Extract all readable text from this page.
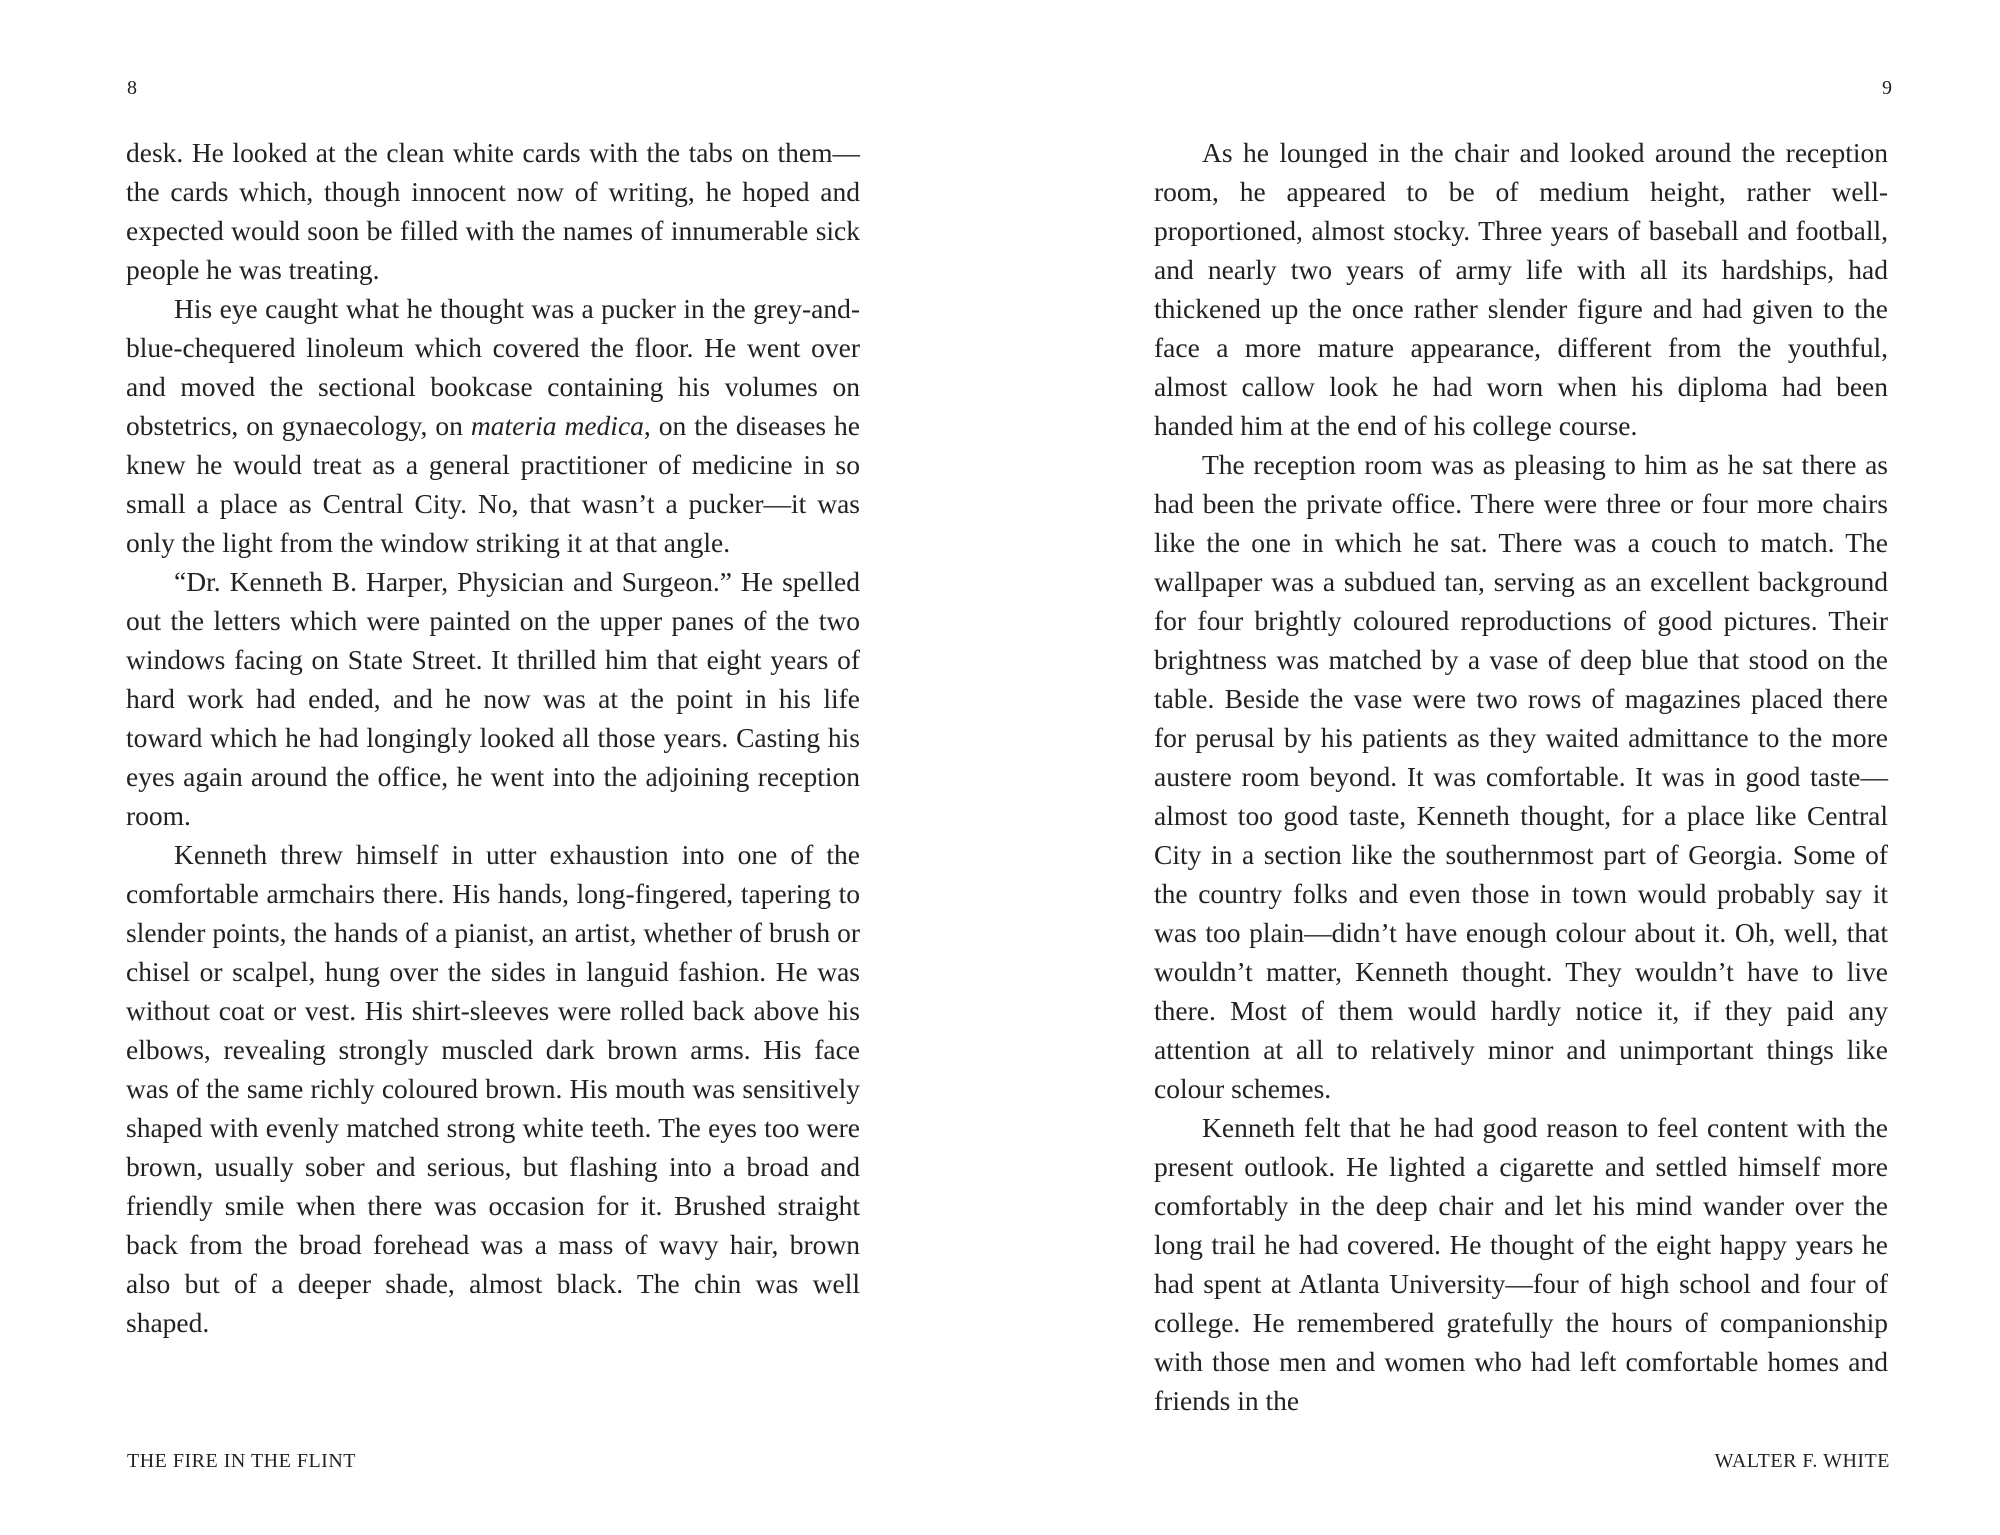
8

desk. He looked at the clean white cards with the tabs on them—the cards which, though innocent now of writing, he hoped and expected would soon be filled with the names of innumerable sick people he was treating.

His eye caught what he thought was a pucker in the grey-and-blue-chequered linoleum which covered the floor. He went over and moved the sectional bookcase containing his volumes on obstetrics, on gynaecology, on materia medica, on the diseases he knew he would treat as a general practitioner of medicine in so small a place as Central City. No, that wasn’t a pucker—it was only the light from the window striking it at that angle.

“Dr. Kenneth B. Harper, Physician and Surgeon.” He spelled out the letters which were painted on the upper panes of the two windows facing on State Street. It thrilled him that eight years of hard work had ended, and he now was at the point in his life toward which he had longingly looked all those years. Casting his eyes again around the office, he went into the adjoining reception room.

Kenneth threw himself in utter exhaustion into one of the comfortable armchairs there. His hands, long-fingered, tapering to slender points, the hands of a pianist, an artist, whether of brush or chisel or scalpel, hung over the sides in languid fashion. He was without coat or vest. His shirt-sleeves were rolled back above his elbows, revealing strongly muscled dark brown arms. His face was of the same richly coloured brown. His mouth was sensitively shaped with evenly matched strong white teeth. The eyes too were brown, usually sober and serious, but flashing into a broad and friendly smile when there was occasion for it. Brushed straight back from the broad forehead was a mass of wavy hair, brown also but of a deeper shade, almost black. The chin was well shaped.

THE FIRE IN THE FLINT
9

As he lounged in the chair and looked around the reception room, he appeared to be of medium height, rather well-proportioned, almost stocky. Three years of baseball and football, and nearly two years of army life with all its hardships, had thickened up the once rather slender figure and had given to the face a more mature appearance, different from the youthful, almost callow look he had worn when his diploma had been handed him at the end of his college course.

The reception room was as pleasing to him as he sat there as had been the private office. There were three or four more chairs like the one in which he sat. There was a couch to match. The wallpaper was a subdued tan, serving as an excellent background for four brightly coloured reproductions of good pictures. Their brightness was matched by a vase of deep blue that stood on the table. Beside the vase were two rows of magazines placed there for perusal by his patients as they waited admittance to the more austere room beyond. It was comfortable. It was in good taste—almost too good taste, Kenneth thought, for a place like Central City in a section like the southernmost part of Georgia. Some of the country folks and even those in town would probably say it was too plain—didn’t have enough colour about it. Oh, well, that wouldn’t matter, Kenneth thought. They wouldn’t have to live there. Most of them would hardly notice it, if they paid any attention at all to relatively minor and unimportant things like colour schemes.

Kenneth felt that he had good reason to feel content with the present outlook. He lighted a cigarette and settled himself more comfortably in the deep chair and let his mind wander over the long trail he had covered. He thought of the eight happy years he had spent at Atlanta University—four of high school and four of college. He remembered gratefully the hours of companionship with those men and women who had left comfortable homes and friends in the

WALTER F. WHITE
